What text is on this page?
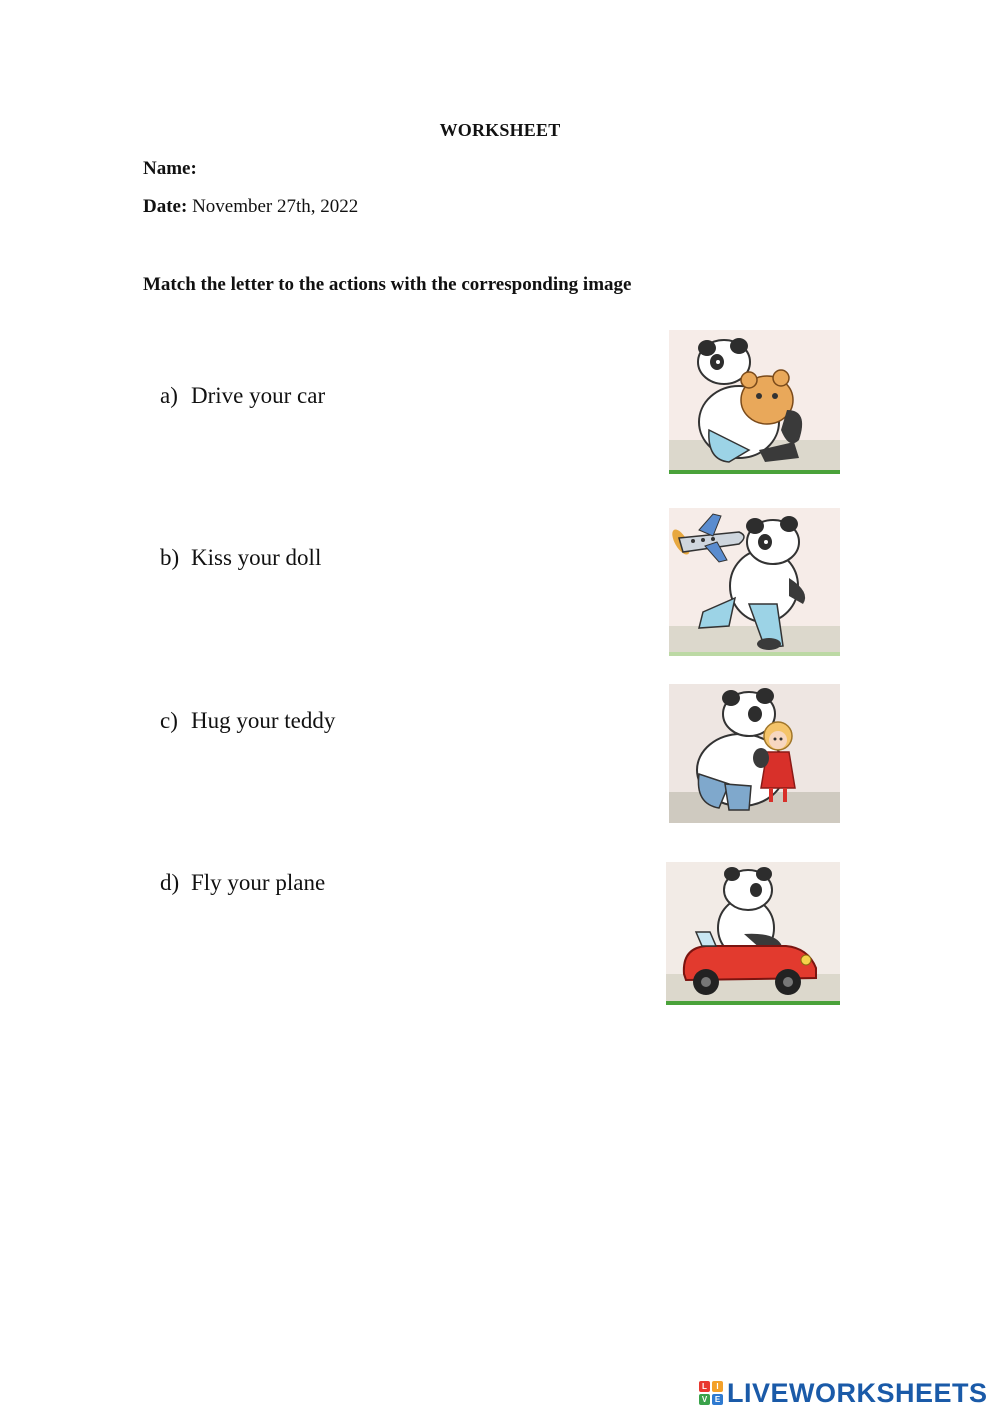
WORKSHEET
Name:
Date: November 27th, 2022
Match the letter to the actions with the corresponding image
a) Drive your car
b) Kiss your doll
c) Hug your teddy
d) Fly your plane
L	I
V E LIVEWORKSHEETS
